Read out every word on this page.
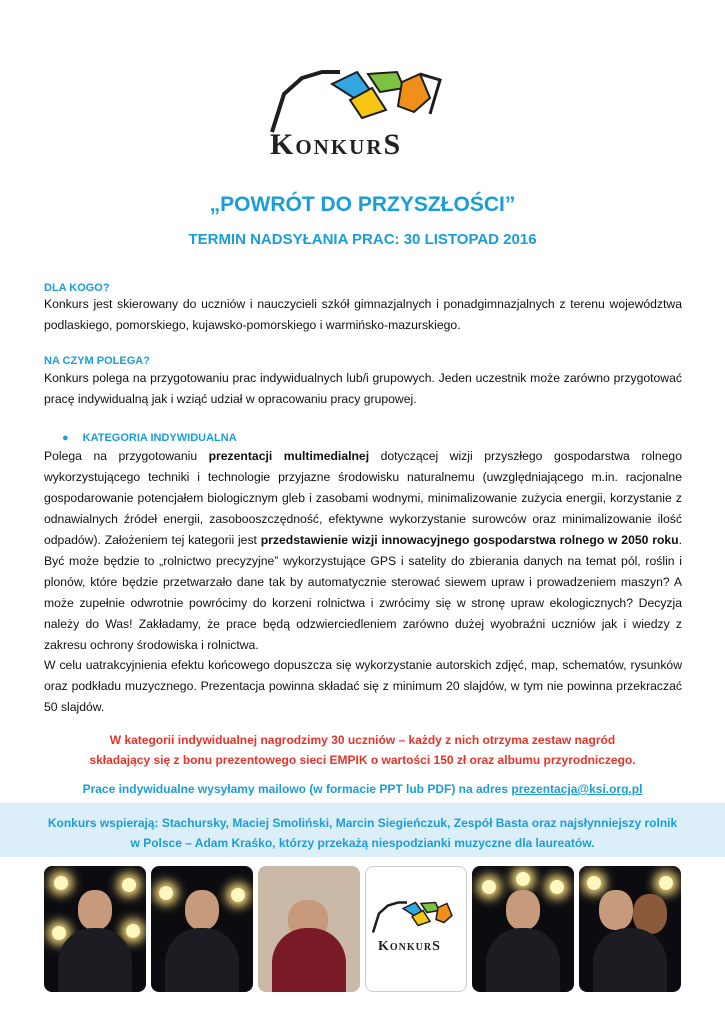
KonkurS
„POWRÓT DO PRZYSZŁOŚCI”
TERMIN NADSYŁANIA PRAC: 30 LISTOPAD 2016
DLA KOGO?
Konkurs jest skierowany do uczniów i nauczycieli szkół gimnazjalnych i ponadgimnazjalnych z terenu województwa podlaskiego, pomorskiego, kujawsko-pomorskiego i warmińsko-mazurskiego.
NA CZYM POLEGA?
Konkurs polega na przygotowaniu prac indywidualnych lub/i grupowych. Jeden uczestnik może zarówno przygotować pracę indywidualną jak i wziąć udział w opracowaniu pracy grupowej.
● KATEGORIA INDYWIDUALNA
Polega na przygotowaniu prezentacji multimedialnej dotyczącej wizji przyszłego gospodarstwa rolnego wykorzystującego techniki i technologie przyjazne środowisku naturalnemu (uwzględniającego m.in. racjonalne gospodarowanie potencjałem biologicznym gleb i zasobami wodnymi, minimalizowanie zużycia energii, korzystanie z odnawialnych źródeł energii, zasobooszczędność, efektywne wykorzystanie surowców oraz minimalizowanie ilość odpadów). Założeniem tej kategorii jest przedstawienie wizji innowacyjnego gospodarstwa rolnego w 2050 roku. Być może będzie to „rolnictwo precyzyjne” wykorzystujące GPS i satelity do zbierania danych na temat pól, roślin i plonów, które będzie przetwarzało dane tak by automatycznie sterować siewem upraw i prowadzeniem maszyn? A może zupełnie odwrotnie powrócimy do korzeni rolnictwa i zwrócimy się w stronę upraw ekologicznych? Decyzja należy do Was! Zakładamy, że prace będą odzwierciedleniem zarówno dużej wyobraźni uczniów jak i wiedzy z zakresu ochrony środowiska i rolnictwa.
W celu uatrakcyjnienia efektu końcowego dopuszcza się wykorzystanie autorskich zdjęć, map, schematów, rysunków oraz podkładu muzycznego. Prezentacja powinna składać się z minimum 20 slajdów, w tym nie powinna przekraczać 50 slajdów.
W kategorii indywidualnej nagrodzimy 30 uczniów – każdy z nich otrzyma zestaw nagród
składający się z bonu prezentowego sieci EMPIK o wartości 150 zł oraz albumu przyrodniczego.
Prace indywidualne wysyłamy mailowo (w formacie PPT lub PDF) na adres prezentacja@ksi.org.pl
Konkurs wspierają: Stachursky, Maciej Smoliński, Marcin Siegieńczuk, Zespół Basta oraz najsłynniejszy rolnik
w Polsce – Adam Kraśko, którzy przekażą niespodzianki muzyczne dla laureatów.
KonkurS
